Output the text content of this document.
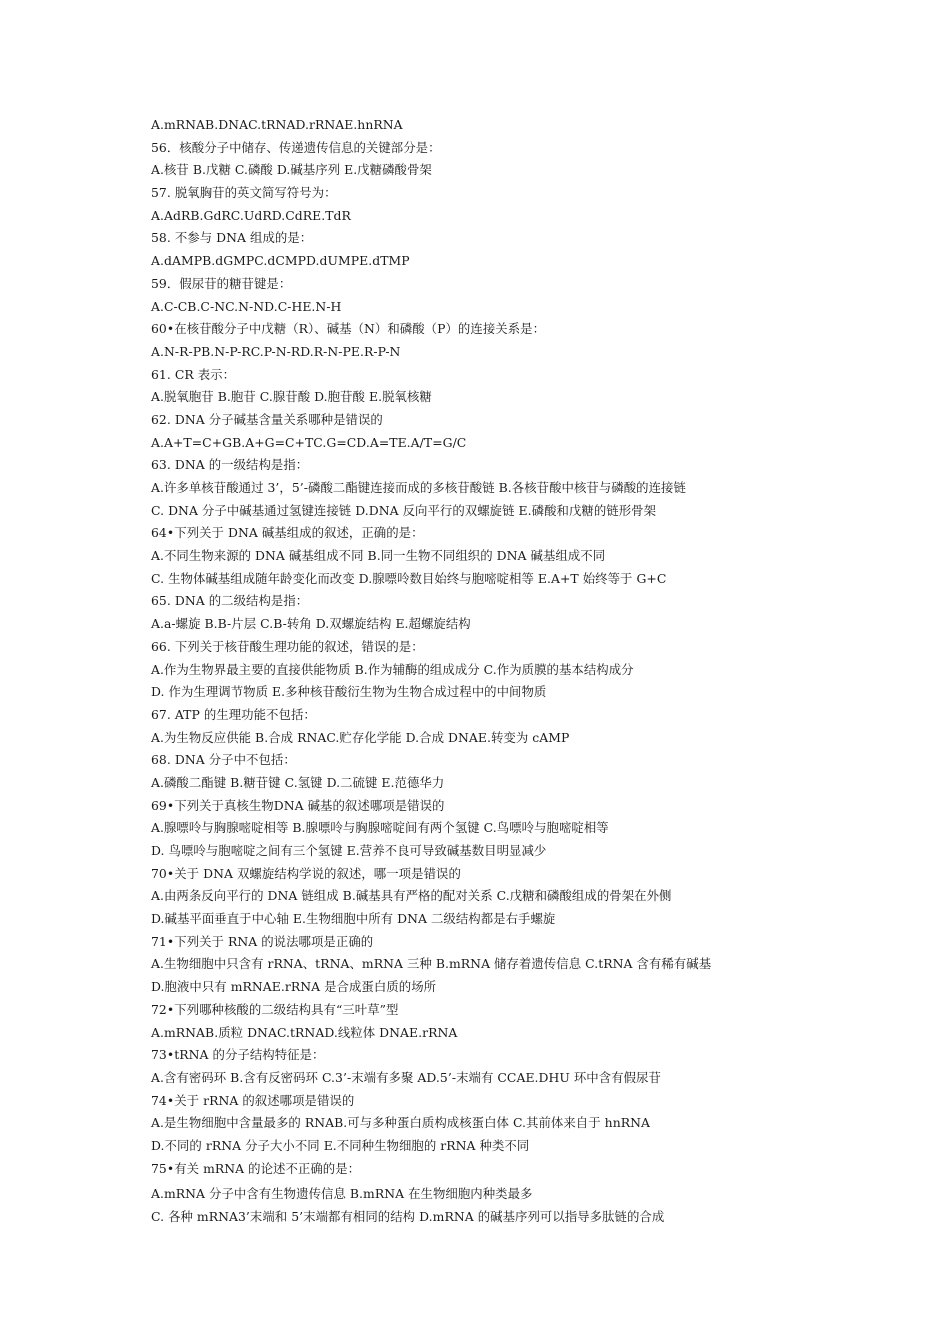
A.mRNAB.DNAC.tRNAD.rRNAE.hnRNA
56．核酸分子中储存、传递遗传信息的关键部分是：
A.核苷 B.戊糖 C.磷酸 D.碱基序列 E.戊糖磷酸骨架
57. 脱氧胸苷的英文简写符号为：
A.AdRB.GdRC.UdRD.CdRE.TdR
58. 不参与 DNA 组成的是：
A.dAMPB.dGMPC.dCMPD.dUMPE.dTMP
59．假尿苷的糖苷键是：
A.C-CB.C-NC.N-ND.C-HE.N-H
60•在核苷酸分子中戊糖（R）、碱基（N）和磷酸（P）的连接关系是：
A.N-R-PB.N-P-RC.P-N-RD.R-N-PE.R-P-N
61. CR 表示：
A.脱氧胞苷 B.胞苷 C.腺苷酸 D.胞苷酸 E.脱氧核糖
62. DNA 分子碱基含量关系哪种是错误的
A.A+T=C+GB.A+G=C+TC.G=CD.A=TE.A/T=G/C
63. DNA 的一级结构是指：
A.许多单核苷酸通过 3’，5’-磷酸二酯键连接而成的多核苷酸链 B.各核苷酸中核苷与磷酸的连接链
C. DNA 分子中碱基通过氢键连接链 D.DNA 反向平行的双螺旋链 E.磷酸和戊糖的链形骨架
64•下列关于 DNA 碱基组成的叙述，正确的是：
A.不同生物来源的 DNA 碱基组成不同 B.同一生物不同组织的 DNA 碱基组成不同
C. 生物体碱基组成随年龄变化而改变 D.腺嘌呤数目始终与胞嘧啶相等 E.A+T 始终等于 G+C
65. DNA 的二级结构是指：
A.a-螺旋 B.B-片层 C.B-转角 D.双螺旋结构 E.超螺旋结构
66. 下列关于核苷酸生理功能的叙述，错误的是：
A.作为生物界最主要的直接供能物质 B.作为辅酶的组成成分 C.作为质膜的基本结构成分
D. 作为生理调节物质 E.多种核苷酸衍生物为生物合成过程中的中间物质
67. ATP 的生理功能不包括：
A.为生物反应供能 B.合成 RNAC.贮存化学能 D.合成 DNAE.转变为 cAMP
68. DNA 分子中不包括：
A.磷酸二酯键 B.糖苷键 C.氢键 D.二硫键 E.范德华力
69•下列关于真核生物DNA 碱基的叙述哪项是错误的
A.腺嘌呤与胸腺嘧啶相等 B.腺嘌呤与胸腺嘧啶间有两个氢键 C.鸟嘌呤与胞嘧啶相等
D. 鸟嘌呤与胞嘧啶之间有三个氢键 E.营养不良可导致碱基数目明显减少
70•关于 DNA 双螺旋结构学说的叙述，哪一项是错误的
A.由两条反向平行的 DNA 链组成 B.碱基具有严格的配对关系 C.戊糖和磷酸组成的骨架在外侧
D.碱基平面垂直于中心轴 E.生物细胞中所有 DNA 二级结构都是右手螺旋
71•下列关于 RNA 的说法哪项是正确的
A.生物细胞中只含有 rRNA、tRNA、mRNA 三种 B.mRNA 储存着遗传信息 C.tRNA 含有稀有碱基
D.胞液中只有 mRNAE.rRNA 是合成蛋白质的场所
72•下列哪种核酸的二级结构具有“三叶草”型
A.mRNAB.质粒 DNAC.tRNAD.线粒体 DNAE.rRNA
73•tRNA 的分子结构特征是：
A.含有密码环 B.含有反密码环 C.3’-末端有多聚 AD.5’-末端有 CCAE.DHU 环中含有假尿苷
74•关于 rRNA 的叙述哪项是错误的
A.是生物细胞中含量最多的 RNAB.可与多种蛋白质构成核蛋白体 C.其前体来自于 hnRNA
D.不同的 rRNA 分子大小不同 E.不同种生物细胞的 rRNA 种类不同
75•有关 mRNA 的论述不正确的是：
A.mRNA 分子中含有生物遗传信息 B.mRNA 在生物细胞内种类最多
C. 各种 mRNA3’末端和 5’末端都有相同的结构 D.mRNA 的碱基序列可以指导多肽链的合成
